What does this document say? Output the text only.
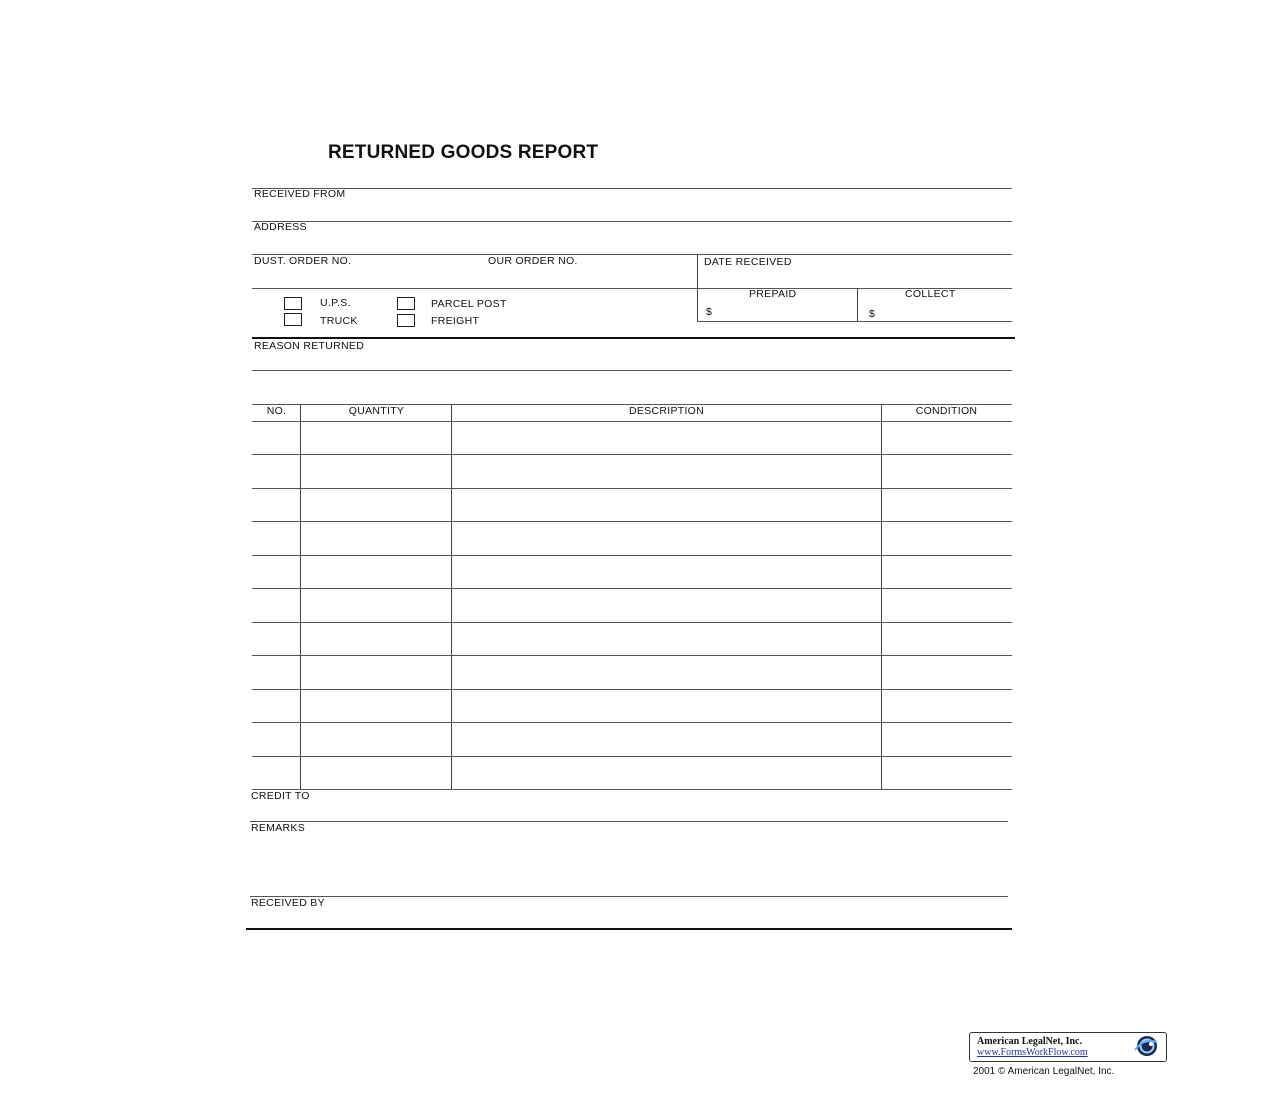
RETURNED GOODS REPORT
RECEIVED FROM
ADDRESS
DUST. ORDER NO.	OUR ORDER NO.	DATE RECEIVED
U.P.S.	PARCEL POST
TRUCK	FREIGHT
PREPAID	COLLECT
$	$
REASON RETURNED
NO.	QUANTITY	DESCRIPTION	CONDITION
CREDIT TO
REMARKS
RECEIVED BY
American LegalNet, Inc.
www.FormsWorkFlow.com
2001 © American LegalNet, Inc.
